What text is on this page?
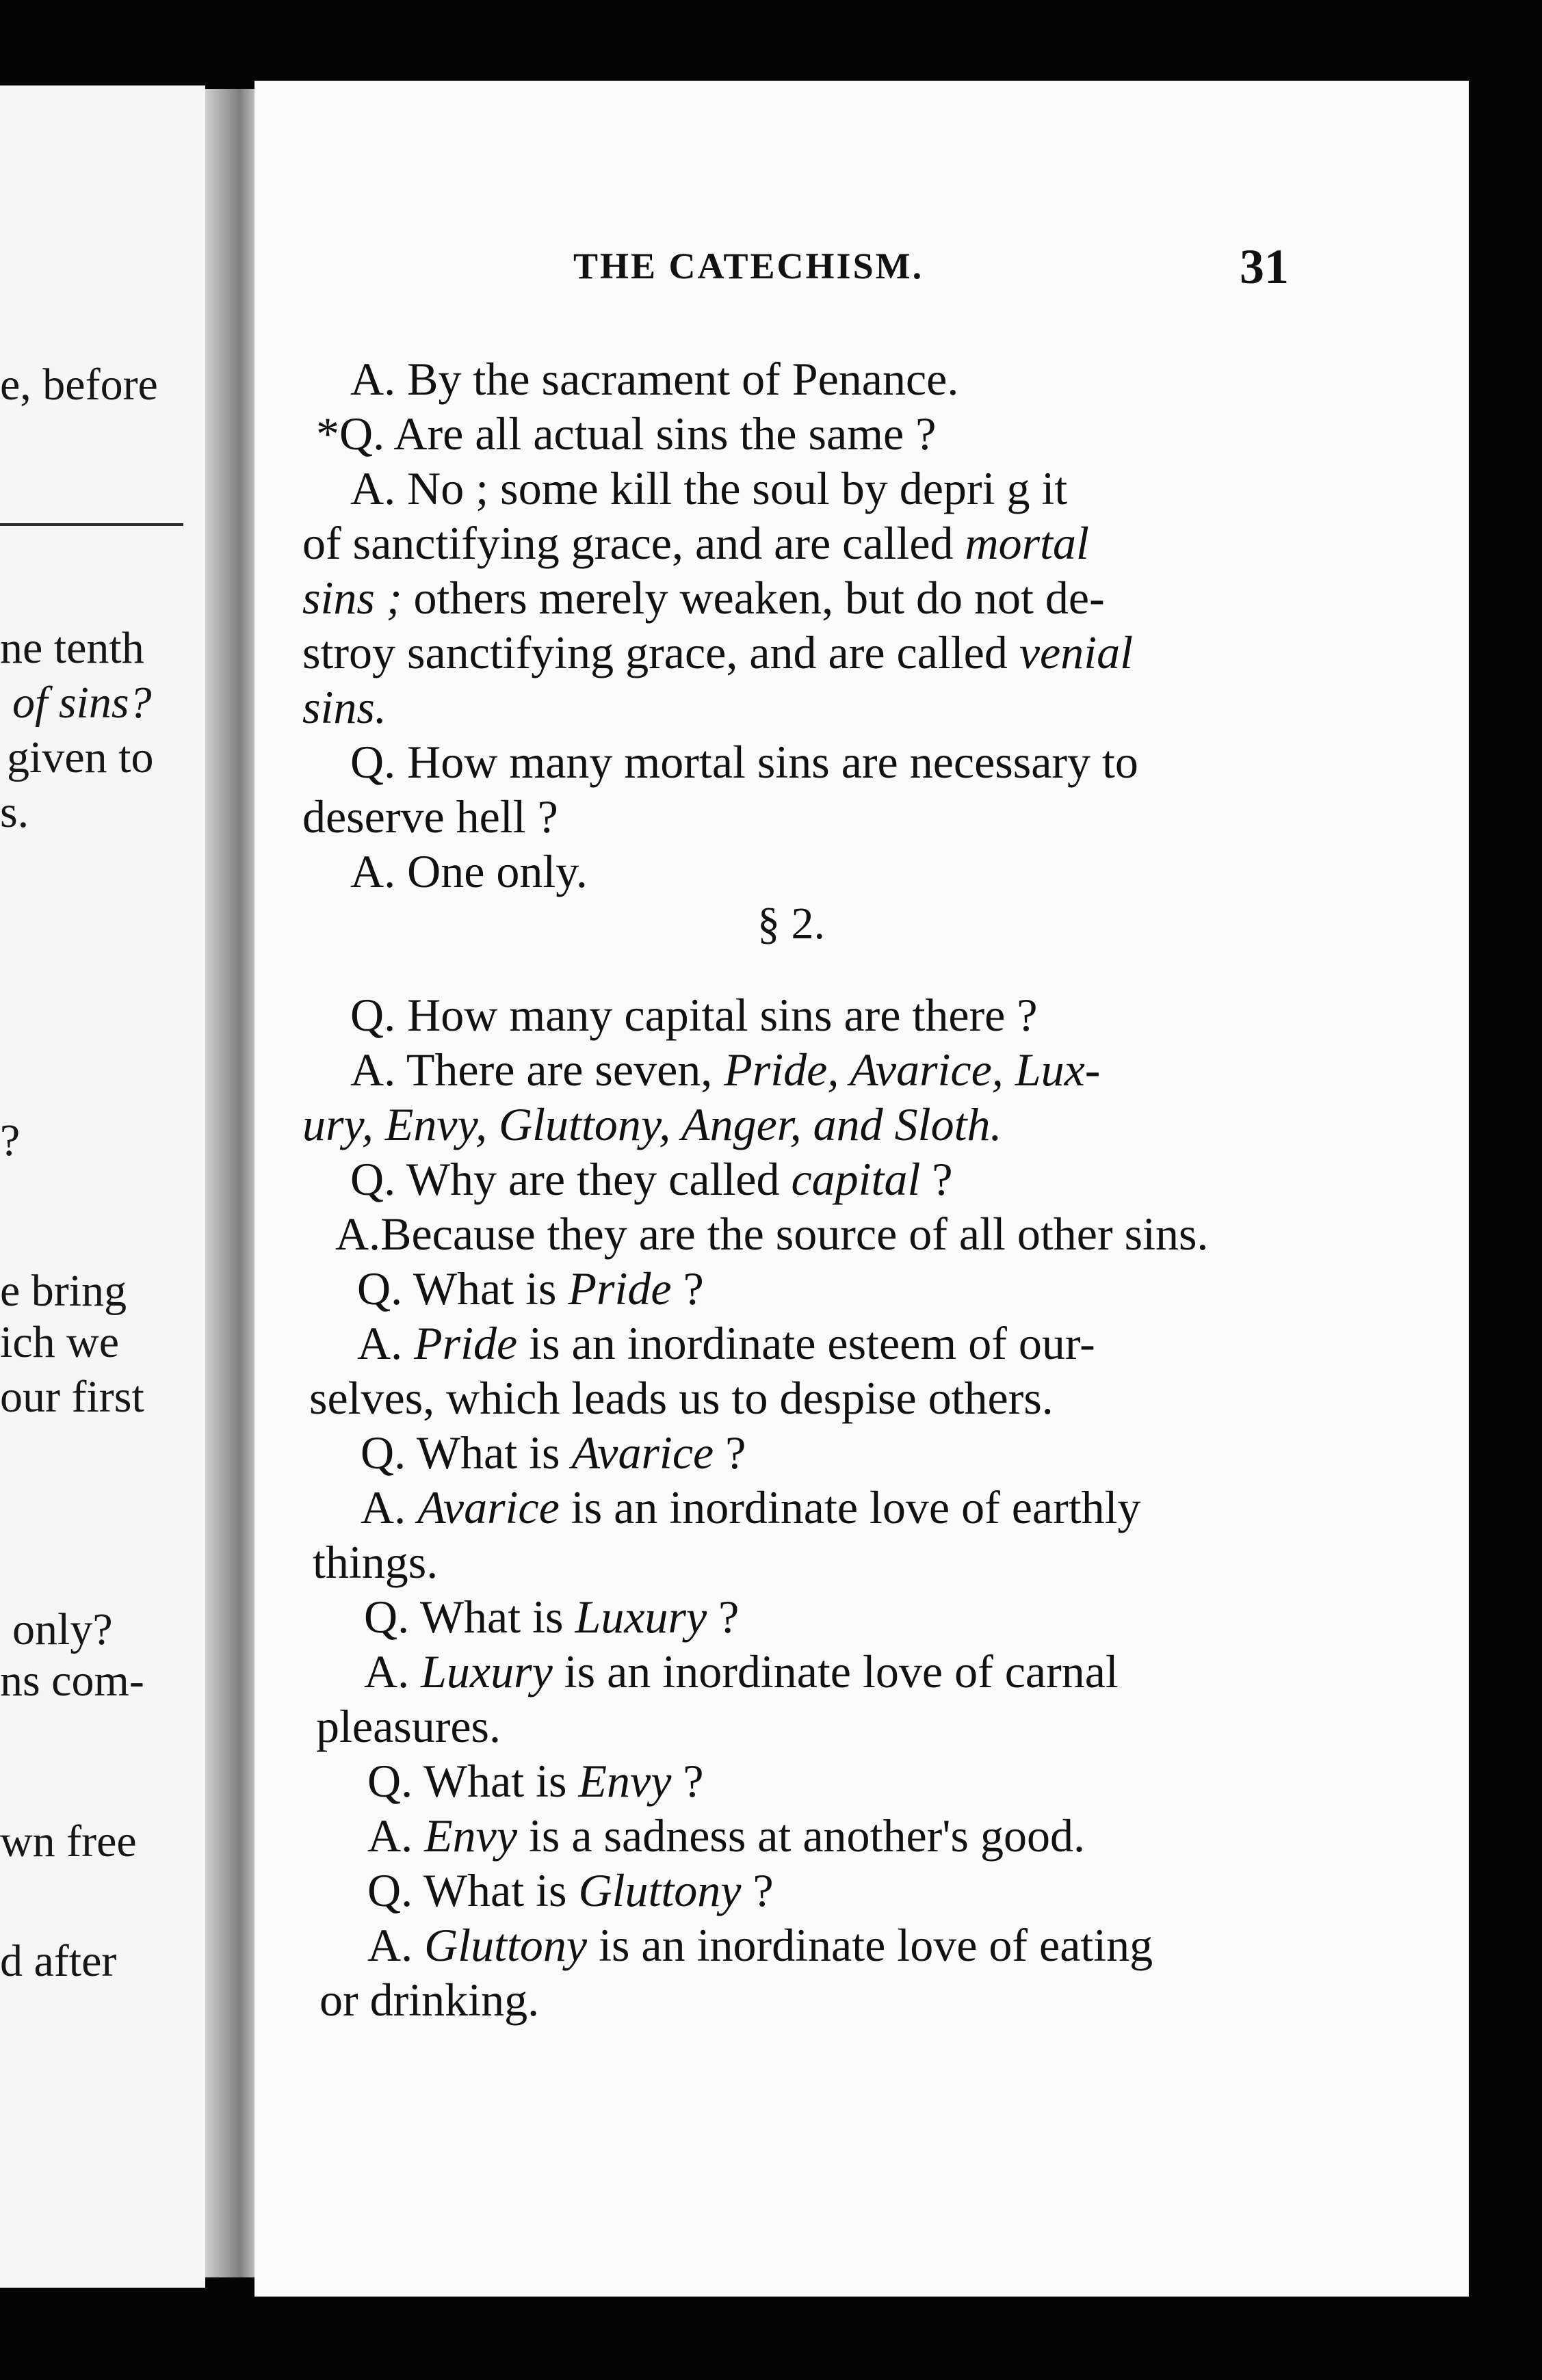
e, before
ne tenth
of sins?
given to
s.
?
e bring
ich we
our first
only?
ns com-
wn free
d after
THE CATECHISM.	31
A. By the sacrament of Penance.
*Q. Are all actual sins the same ?
A. No ; some kill the soul by depri g it
of sanctifying grace, and are called mortal
sins ; others merely weaken, but do not de-
stroy sanctifying grace, and are called venial
sins.
Q. How many mortal sins are necessary to
deserve hell ?
A. One only.
§ 2.
Q. How many capital sins are there ?
A. There are seven, Pride, Avarice, Lux-
ury, Envy, Gluttony, Anger, and Sloth.
Q. Why are they called capital ?
A.Because they are the source of all other sins.
Q. What is Pride ?
A. Pride is an inordinate esteem of our-
selves, which leads us to despise others.
Q. What is Avarice ?
A. Avarice is an inordinate love of earthly
things.
Q. What is Luxury ?
A. Luxury is an inordinate love of carnal
pleasures.
Q. What is Envy ?
A. Envy is a sadness at another's good.
Q. What is Gluttony ?
A. Gluttony is an inordinate love of eating
or drinking.
